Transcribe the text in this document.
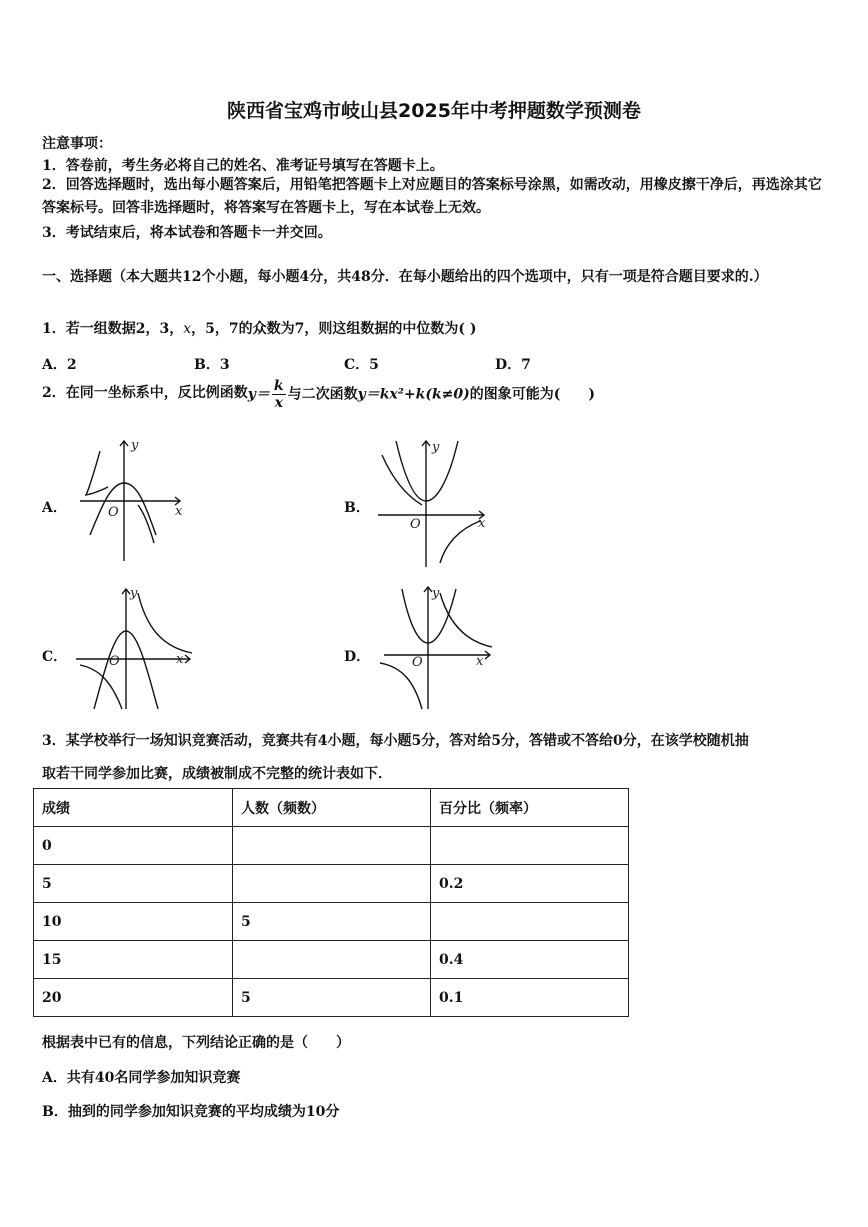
陕西省宝鸡市岐山县2025年中考押题数学预测卷
注意事项：
1．答卷前，考生务必将自己的姓名、准考证号填写在答题卡上。
2．回答选择题时，选出每小题答案后，用铅笔把答题卡上对应题目的答案标号涂黑，如需改动，用橡皮擦干净后，再选涂其它答案标号。回答非选择题时，将答案写在答题卡上，写在本试卷上无效。
3．考试结束后，将本试卷和答题卡一并交回。
一、选择题（本大题共12个小题，每小题4分，共48分．在每小题给出的四个选项中，只有一项是符合题目要求的.）
1．若一组数据2，3，x，5，7的众数为7，则这组数据的中位数为( )
A．2	B．3	C．5	D．7
2．在同一坐标系中，反比例函数$y= \frac{k}{x}$ 与二次函数y＝kx²+k(k≠0)的图象可能为(　　)
A．
y
x
O	B．
y
x
O
C．
y
x
O	D．
y
x
O
3．某学校举行一场知识竞赛活动，竞赛共有4小题，每小题5分，答对给5分，答错或不答给0分，在该学校随机抽
取若干同学参加比赛，成绩被制成不完整的统计表如下．
成绩	人数（频数）	百分比（频率）
0		
5		0.2
10	5	
15		0.4
20	5	0.1
根据表中已有的信息，下列结论正确的是（　　）
A．共有40名同学参加知识竞赛
B．抽到的同学参加知识竞赛的平均成绩为10分
